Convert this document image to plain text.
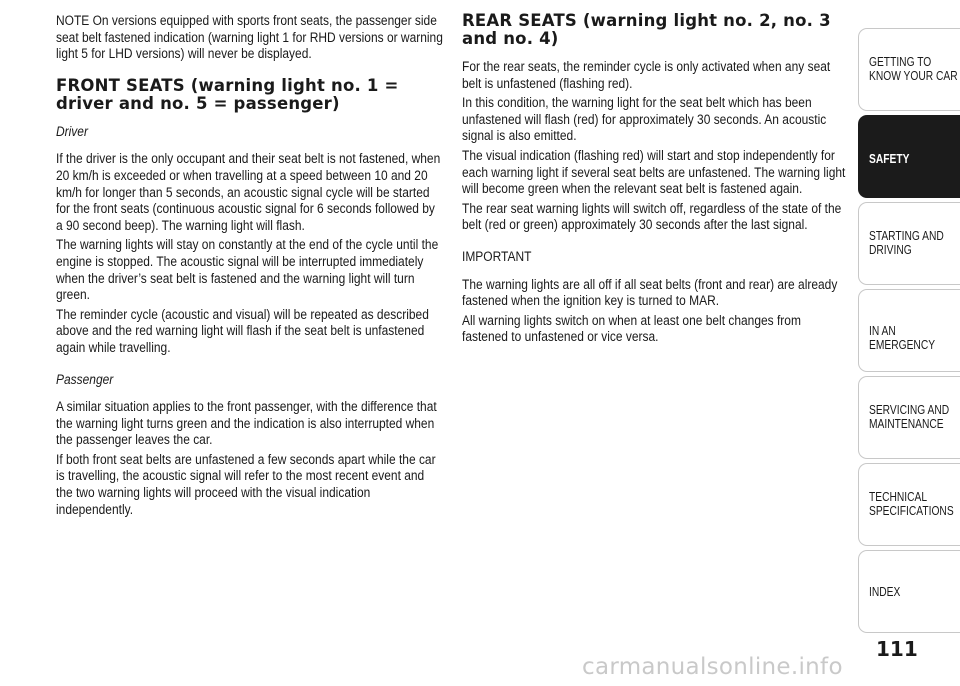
NOTE On versions equipped with sports front seats, the passenger side seat belt fastened indication (warning light 1 for RHD versions or warning light 5 for LHD versions) will never be displayed.

FRONT SEATS (warning light no. 1 = driver and no. 5 = passenger)

Driver

If the driver is the only occupant and their seat belt is not fastened, when 20 km/h is exceeded or when travelling at a speed between 10 and 20 km/h for longer than 5 seconds, an acoustic signal cycle will be started for the front seats (continuous acoustic signal for 6 seconds followed by a 90 second beep). The warning light will flash.

The warning lights will stay on constantly at the end of the cycle until the engine is stopped. The acoustic signal will be interrupted immediately when the driver’s seat belt is fastened and the warning light will turn green.

The reminder cycle (acoustic and visual) will be repeated as described above and the red warning light will flash if the seat belt is unfastened again while travelling.

Passenger

A similar situation applies to the front passenger, with the difference that the warning light turns green and the indication is also interrupted when the passenger leaves the car.

If both front seat belts are unfastened a few seconds apart while the car is travelling, the acoustic signal will refer to the most recent event and the two warning lights will proceed with the visual indication independently.

REAR SEATS (warning light no. 2, no. 3 and no. 4)

For the rear seats, the reminder cycle is only activated when any seat belt is unfastened (flashing red).

In this condition, the warning light for the seat belt which has been unfastened will flash (red) for approximately 30 seconds. An acoustic signal is also emitted.

The visual indication (flashing red) will start and stop independently for each warning light if several seat belts are unfastened. The warning light will become green when the relevant seat belt is fastened again.

The rear seat warning lights will switch off, regardless of the state of the belt (red or green) approximately 30 seconds after the last signal.

IMPORTANT

The warning lights are all off if all seat belts (front and rear) are already fastened when the ignition key is turned to MAR.

All warning lights switch on when at least one belt changes from fastened to unfastened or vice versa.

GETTING TO KNOW YOUR CAR
SAFETY
STARTING AND DRIVING
IN AN EMERGENCY
SERVICING AND MAINTENANCE
TECHNICAL SPECIFICATIONS
INDEX
111
carmanualsonline.info
